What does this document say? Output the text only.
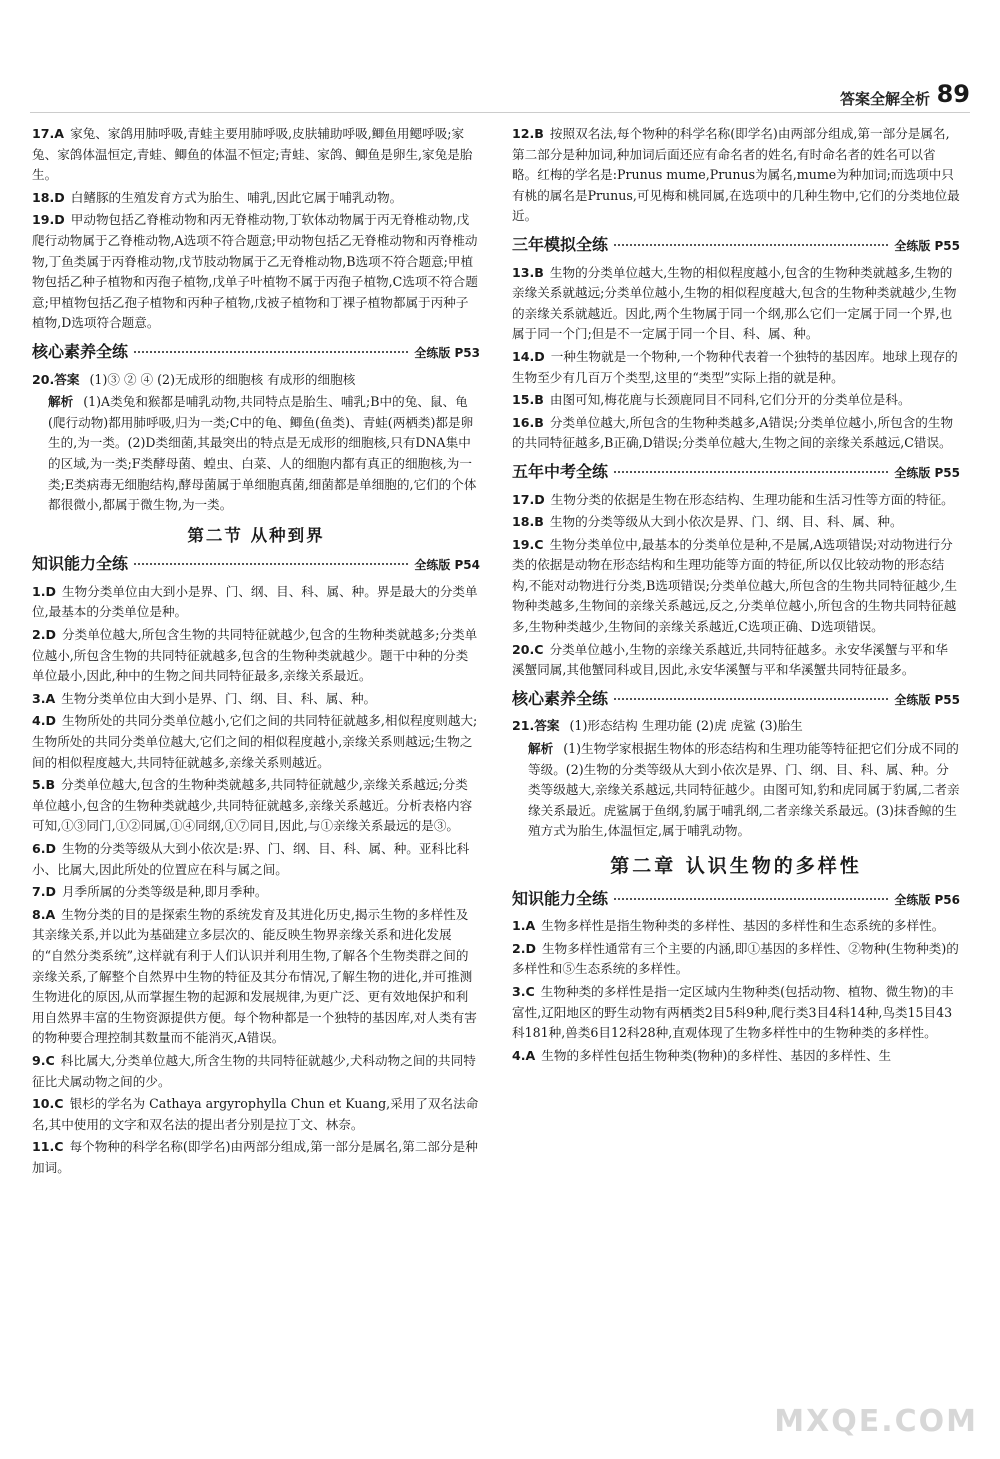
答案全解全析 89
17.A 家兔、家鸽用肺呼吸,青蛙主要用肺呼吸,皮肤辅助呼吸,鲫鱼用鳃呼吸;家兔、家鸽体温恒定,青蛙、鲫鱼的体温不恒定;青蛙、家鸽、鲫鱼是卵生,家兔是胎生。
18.D 白鳍豚的生殖发育方式为胎生、哺乳,因此它属于哺乳动物。
19.D 甲动物包括乙脊椎动物和丙无脊椎动物,丁软体动物属于丙无脊椎动物,戊爬行动物属于乙脊椎动物,A选项不符合题意;甲动物包括乙无脊椎动物和丙脊椎动物,丁鱼类属于丙脊椎动物,戊节肢动物属于乙无脊椎动物,B选项不符合题意;甲植物包括乙种子植物和丙孢子植物,戊单子叶植物不属于丙孢子植物,C选项不符合题意;甲植物包括乙孢子植物和丙种子植物,戊被子植物和丁裸子植物都属于丙种子植物,D选项符合题意。
核心素养全练	全练版 P53
20.答案 (1)③ ② ④ (2)无成形的细胞核 有成形的细胞核
解析 (1)A类兔和猴都是哺乳动物,共同特点是胎生、哺乳;B中的兔、鼠、龟(爬行动物)都用肺呼吸,归为一类;C中的龟、鲫鱼(鱼类)、青蛙(两栖类)都是卵生的,为一类。(2)D类细菌,其最突出的特点是无成形的细胞核,只有DNA集中的区域,为一类;F类酵母菌、蝗虫、白菜、人的细胞内都有真正的细胞核,为一类;E类病毒无细胞结构,酵母菌属于单细胞真菌,细菌都是单细胞的,它们的个体都很微小,都属于微生物,为一类。
第二节 从种到界
知识能力全练	全练版 P54
1.D 生物分类单位由大到小是界、门、纲、目、科、属、种。界是最大的分类单位,最基本的分类单位是种。
2.D 分类单位越大,所包含生物的共同特征就越少,包含的生物种类就越多;分类单位越小,所包含生物的共同特征就越多,包含的生物种类就越少。题干中种的分类单位最小,因此,种中的生物之间共同特征最多,亲缘关系最近。
3.A 生物分类单位由大到小是界、门、纲、目、科、属、种。
4.D 生物所处的共同分类单位越小,它们之间的共同特征就越多,相似程度则越大;生物所处的共同分类单位越大,它们之间的相似程度越小,亲缘关系则越远;生物之间的相似程度越大,共同特征就越多,亲缘关系则越近。
5.B 分类单位越大,包含的生物种类就越多,共同特征就越少,亲缘关系越远;分类单位越小,包含的生物种类就越少,共同特征就越多,亲缘关系越近。分析表格内容可知,①③同门,①②同属,①④同纲,①⑦同目,因此,与①亲缘关系最远的是③。
6.D 生物的分类等级从大到小依次是:界、门、纲、目、科、属、种。亚科比科小、比属大,因此所处的位置应在科与属之间。
7.D 月季所属的分类等级是种,即月季种。
8.A 生物分类的目的是探索生物的系统发育及其进化历史,揭示生物的多样性及其亲缘关系,并以此为基础建立多层次的、能反映生物界亲缘关系和进化发展的“自然分类系统”,这样就有利于人们认识并利用生物,了解各个生物类群之间的亲缘关系,了解整个自然界中生物的特征及其分布情况,了解生物的进化,并可推测生物进化的原因,从而掌握生物的起源和发展规律,为更广泛、更有效地保护和利用自然界丰富的生物资源提供方便。每个物种都是一个独特的基因库,对人类有害的物种要合理控制其数量而不能消灭,A错误。
9.C 科比属大,分类单位越大,所含生物的共同特征就越少,犬科动物之间的共同特征比犬属动物之间的少。
10.C 银杉的学名为 Cathaya argyrophylla Chun et Kuang,采用了双名法命名,其中使用的文字和双名法的提出者分别是拉丁文、林奈。
11.C 每个物种的科学名称(即学名)由两部分组成,第一部分是属名,第二部分是种加词。
12.B 按照双名法,每个物种的科学名称(即学名)由两部分组成,第一部分是属名,第二部分是种加词,种加词后面还应有命名者的姓名,有时命名者的姓名可以省略。红梅的学名是:Prunus mume,Prunus为属名,mume为种加词;而选项中只有桃的属名是Prunus,可见梅和桃同属,在选项中的几种生物中,它们的分类地位最近。
三年模拟全练	全练版 P55
13.B 生物的分类单位越大,生物的相似程度越小,包含的生物种类就越多,生物的亲缘关系就越远;分类单位越小,生物的相似程度越大,包含的生物种类就越少,生物的亲缘关系就越近。因此,两个生物属于同一个纲,那么它们一定属于同一个界,也属于同一个门;但是不一定属于同一个目、科、属、种。
14.D 一种生物就是一个物种,一个物种代表着一个独特的基因库。地球上现存的生物至少有几百万个类型,这里的“类型”实际上指的就是种。
15.B 由图可知,梅花鹿与长颈鹿同目不同科,它们分开的分类单位是科。
16.B 分类单位越大,所包含的生物种类越多,A错误;分类单位越小,所包含的生物的共同特征越多,B正确,D错误;分类单位越大,生物之间的亲缘关系越远,C错误。
五年中考全练	全练版 P55
17.D 生物分类的依据是生物在形态结构、生理功能和生活习性等方面的特征。
18.B 生物的分类等级从大到小依次是界、门、纲、目、科、属、种。
19.C 生物分类单位中,最基本的分类单位是种,不是属,A选项错误;对动物进行分类的依据是动物在形态结构和生理功能等方面的特征,所以仅比较动物的形态结构,不能对动物进行分类,B选项错误;分类单位越大,所包含的生物共同特征越少,生物种类越多,生物间的亲缘关系越远,反之,分类单位越小,所包含的生物共同特征越多,生物种类越少,生物间的亲缘关系越近,C选项正确、D选项错误。
20.C 分类单位越小,生物的亲缘关系越近,共同特征越多。永安华溪蟹与平和华溪蟹同属,其他蟹同科或目,因此,永安华溪蟹与平和华溪蟹共同特征最多。
核心素养全练	全练版 P55
21.答案 (1)形态结构 生理功能 (2)虎 虎鲨 (3)胎生
解析 (1)生物学家根据生物体的形态结构和生理功能等特征把它们分成不同的等级。(2)生物的分类等级从大到小依次是界、门、纲、目、科、属、种。分类等级越大,亲缘关系越远,共同特征越少。由图可知,豹和虎同属于豹属,二者亲缘关系最近。虎鲨属于鱼纲,豹属于哺乳纲,二者亲缘关系最远。(3)抹香鲸的生殖方式为胎生,体温恒定,属于哺乳动物。
第二章 认识生物的多样性
知识能力全练	全练版 P56
1.A 生物多样性是指生物种类的多样性、基因的多样性和生态系统的多样性。
2.D 生物多样性通常有三个主要的内涵,即①基因的多样性、②物种(生物种类)的多样性和⑤生态系统的多样性。
3.C 生物种类的多样性是指一定区域内生物种类(包括动物、植物、微生物)的丰富性,辽阳地区的野生动物有两栖类2目5科9种,爬行类3目4科14种,鸟类15目43科181种,兽类6目12科28种,直观体现了生物多样性中的生物种类的多样性。
4.A 生物的多样性包括生物种类(物种)的多样性、基因的多样性、生
MXQE.COM
